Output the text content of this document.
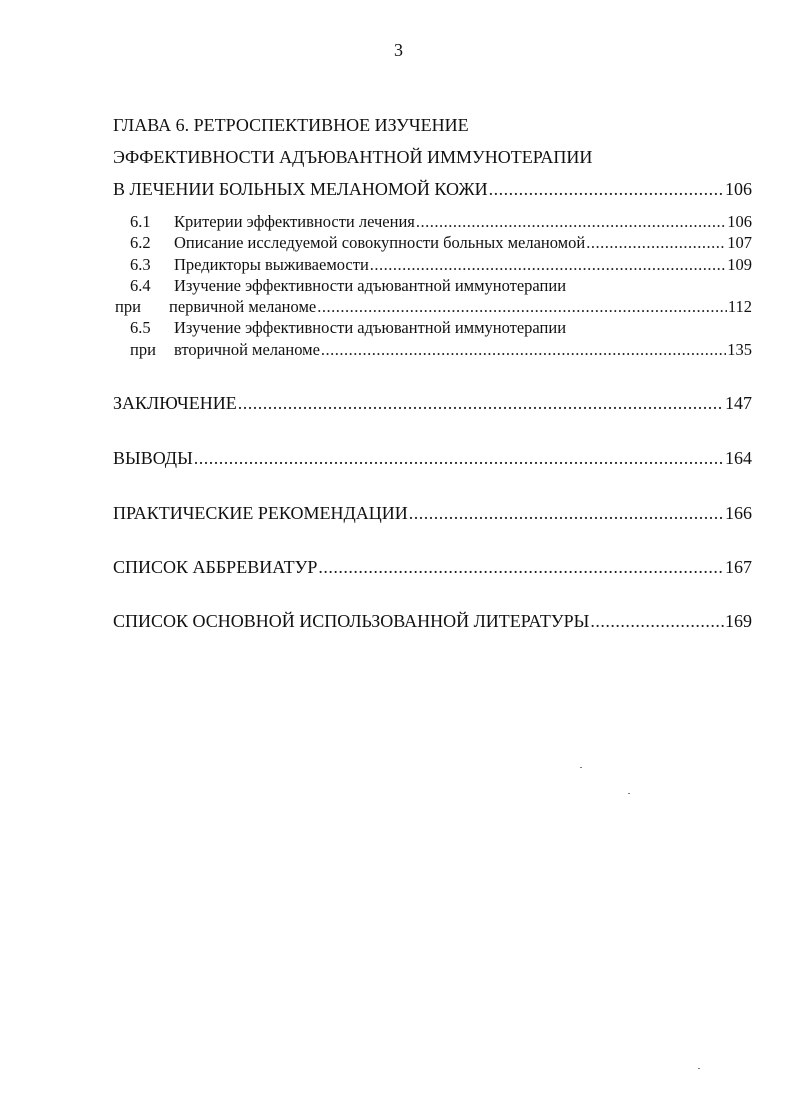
3
ГЛАВА 6. РЕТРОСПЕКТИВНОЕ ИЗУЧЕНИЕ
ЭФФЕКТИВНОСТИ АДЪЮВАНТНОЙ ИММУНОТЕРАПИИ
В ЛЕЧЕНИИ БОЛЬНЫХ МЕЛАНОМОЙ КОЖИ .....	106
6.1	Критерии эффективности лечения .....	106
6.2	Описание исследуемой совокупности больных меланомой .....	107
6.3	Предикторы выживаемости .....	109
6.4	Изучение эффективности адъювантной иммунотерапии
при	первичной меланоме .....	112
6.5	Изучение эффективности адъювантной иммунотерапии
при	вторичной меланоме .....	135
ЗАКЛЮЧЕНИЕ .....	147
ВЫВОДЫ .....	164
ПРАКТИЧЕСКИЕ РЕКОМЕНДАЦИИ .....	166
СПИСОК АББРЕВИАТУР .....	167
СПИСОК ОСНОВНОЙ ИСПОЛЬЗОВАННОЙ ЛИТЕРАТУРЫ .....	169
